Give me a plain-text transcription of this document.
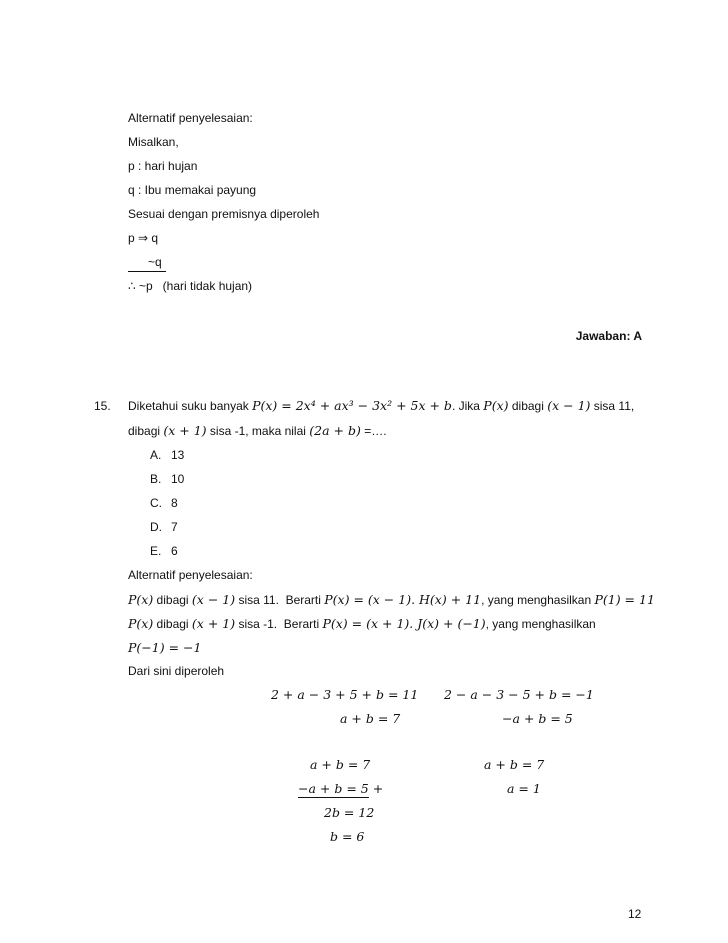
Alternatif penyelesaian:
Misalkan,
p : hari hujan
q : Ibu memakai payung
Sesuai dengan premisnya diperoleh
p ⇒ q
~q

∴ ~p   (hari tidak hujan)
Jawaban: A
15. Diketahui suku banyak P(x) = 2x⁴ + ax³ − 3x² + 5x + b. Jika P(x) dibagi (x − 1) sisa 11,
dibagi (x + 1) sisa -1, maka nilai (2a + b) =….
A. 13
B. 10
C. 8
D. 7
E. 6
Alternatif penyelesaian:
P(x) dibagi (x − 1) sisa 11.  Berarti P(x) = (x − 1). H(x) + 11, yang menghasilkan P(1) = 11
P(x) dibagi (x + 1) sisa -1.  Berarti P(x) = (x + 1). J(x) + (−1), yang menghasilkan
P(−1) = −1
Dari sini diperoleh
2 + a − 3 + 5 + b = 11
a + b = 7
2 − a − 3 − 5 + b = −1
−a + b = 5
a + b = 7
−a + b = 5 +
2b = 12
b = 6
a + b = 7
a = 1
12
